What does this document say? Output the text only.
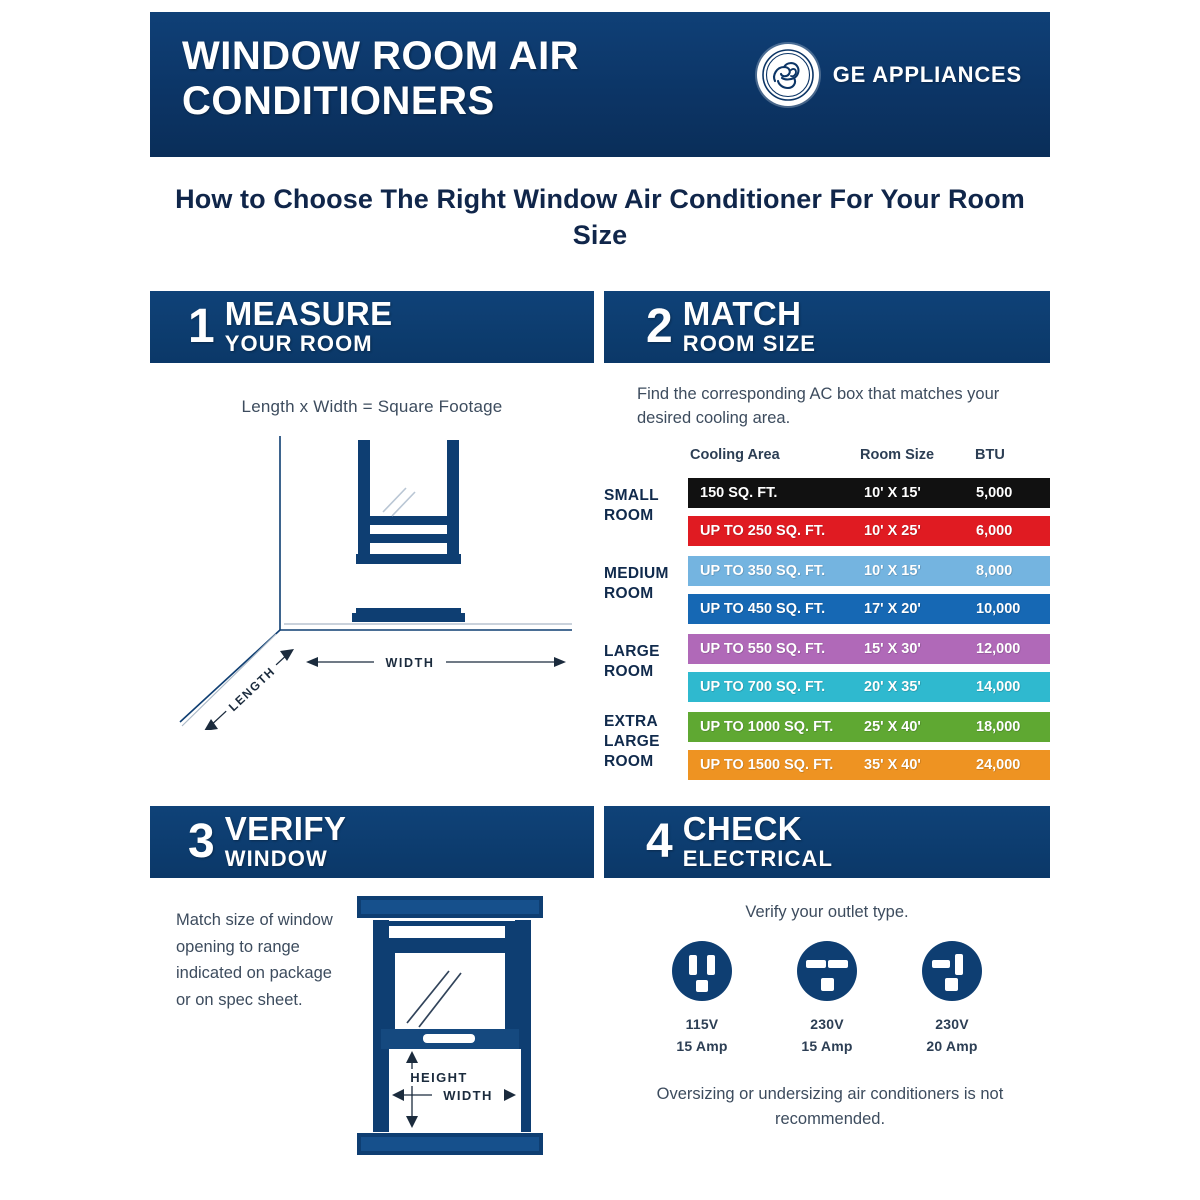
WINDOW ROOM AIR CONDITIONERS
GE APPLIANCES
How to Choose The Right Window Air Conditioner For Your Room Size
1 MEASURE
YOUR ROOM	2 MATCH
ROOM SIZE
Length x Width = Square Footage
WIDTH
LENGTH
Find the corresponding AC box that matches your desired cooling area.
Cooling Area	Room Size	BTU
SMALL
ROOM
150 SQ. FT.	10' X 15'	5,000
UP TO 250 SQ. FT.	10' X 25'	6,000
MEDIUM
ROOM
UP TO 350 SQ. FT.	10' X 15'	8,000
UP TO 450 SQ. FT.	17' X 20'	10,000
LARGE
ROOM
UP TO 550 SQ. FT.	15' X 30'	12,000
UP TO 700 SQ. FT.	20' X 35'	14,000
EXTRA
LARGE
ROOM
UP TO 1000 SQ. FT. 25' X 40'	18,000
UP TO 1500 SQ. FT. 35' X 40'	24,000
3 VERIFY
WINDOW	4 CHECK
ELECTRICAL
Match size of window opening to range indicated on package or on spec sheet.
HEIGHT
WIDTH
Verify your outlet type.
115V
15 Amp
230V
15 Amp
230V
20 Amp
Oversizing or undersizing air conditioners is not recommended.
